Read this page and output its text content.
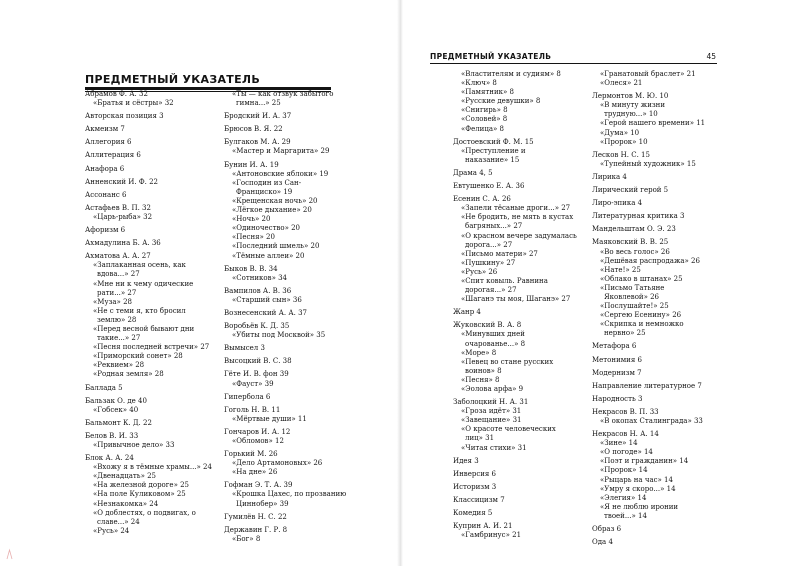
ПРЕДМЕТНЫЙ УКАЗАТЕЛЬ
ПРЕДМЕТНЫЙ УКАЗАТЕЛЬ	45
Абрамов Ф. А. 32
«Братья и сёстры» 32
Авторская позиция 3
Акмеизм 7
Аллегория 6
Аллитерация 6
Анафора 6
Анненский И. Ф. 22
Ассонанс 6
Астафьев В. П. 32
«Царь-рыба» 32
Афоризм 6
Ахмадулина Б. А. 36
Ахматова А. А. 27
«Заплаканная осень, как
вдова...» 27
«Мне ни к чему одические
рати...» 27
«Муза» 28
«Не с теми я, кто бросил
землю» 28
«Перед весной бывают дни
такие...» 27
«Песня последней встречи» 27
«Приморский сонет» 28
«Реквием» 28
«Родная земля» 28
Баллада 5
Бальзак О. де 40
«Гобсек» 40
Бальмонт К. Д. 22
Белов В. И. 33
«Привычное дело» 33
Блок А. А. 24
«Вхожу я в тёмные храмы...» 24
«Двенадцать» 25
«На железной дороге» 25
«На поле Куликовом» 25
«Незнакомка» 24
«О доблестях, о подвигах, о
славе...» 24
«Русь» 24
«Ты — как отзвук забытого
гимна...» 25
Бродский И. А. 37
Брюсов В. Я. 22
Булгаков М. А. 29
«Мастер и Маргарита» 29
Бунин И. А. 19
«Антоновские яблоки» 19
«Господин из Сан-
Франциско» 19
«Крещенская ночь» 20
«Лёгкое дыхание» 20
«Ночь» 20
«Одиночество» 20
«Песня» 20
«Последний шмель» 20
«Тёмные аллеи» 20
Быков В. В. 34
«Сотников» 34
Вампилов А. В. 36
«Старший сын» 36
Вознесенский А. А. 37
Воробьёв К. Д. 35
«Убиты под Москвой» 35
Вымысел 3
Высоцкий В. С. 38
Гёте И. В. фон 39
«Фауст» 39
Гипербола 6
Гоголь Н. В. 11
«Мёртвые души» 11
Гончаров И. А. 12
«Обломов» 12
Горький М. 26
«Дело Артамоновых» 26
«На дне» 26
Гофман Э. Т. А. 39
«Крошка Цахес, по прозванию
Циннобер» 39
Гумилёв Н. С. 22
Державин Г. Р. 8
«Бог» 8
«Властителям и судиям» 8
«Ключ» 8
«Памятник» 8
«Русские девушки» 8
«Снигирь» 8
«Соловей» 8
«Фелица» 8
Достоевский Ф. М. 15
«Преступление и
наказание» 15
Драма 4, 5
Евтушенко Е. А. 36
Есенин С. А. 26
«Запели тёсаные дроги...» 27
«Не бродить, не мять в кустах
багряных...» 27
«О красном вечере задумалась
дорога...» 27
«Письмо матери» 27
«Пушкину» 27
«Русь» 26
«Спит ковыль. Равнина
дорогая...» 27
«Шаганэ ты моя, Шаганэ» 27
Жанр 4
Жуковский В. А. 8
«Минувших дней
очарованье...» 8
«Море» 8
«Певец во стане русских
воинов» 8
«Песня» 8
«Эолова арфа» 9
Заболоцкий Н. А. 31
«Гроза идёт» 31
«Завещание» 31
«О красоте человеческих
лиц» 31
«Читая стихи» 31
Идея 3
Инверсия 6
Историзм 3
Классицизм 7
Комедия 5
Куприн А. И. 21
«Гамбринус» 21
«Гранатовый браслет» 21
«Олеся» 21
Лермонтов М. Ю. 10
«В минуту жизни
трудную...» 10
«Герой нашего времени» 11
«Дума» 10
«Пророк» 10
Лесков Н. С. 15
«Тупейный художник» 15
Лирика 4
Лирический герой 5
Лиро-эпика 4
Литературная критика 3
Мандельштам О. Э. 23
Маяковский В. В. 25
«Во весь голос» 26
«Дешёвая распродажа» 26
«Нате!» 25
«Облако в штанах» 25
«Письмо Татьяне
Яковлевой» 26
«Послушайте!» 25
«Сергею Есенину» 26
«Скрипка и немножко
нервно» 25
Метафора 6
Метонимия 6
Модернизм 7
Направление литературное 7
Народность 3
Некрасов В. П. 33
«В окопах Сталинграда» 33
Некрасов Н. А. 14
«Зине» 14
«О погоде» 14
«Поэт и гражданин» 14
«Пророк» 14
«Рыцарь на час» 14
«Умру я скоро...» 14
«Элегия» 14
«Я не люблю иронии
твоей...» 14
Образ 6
Ода 4
